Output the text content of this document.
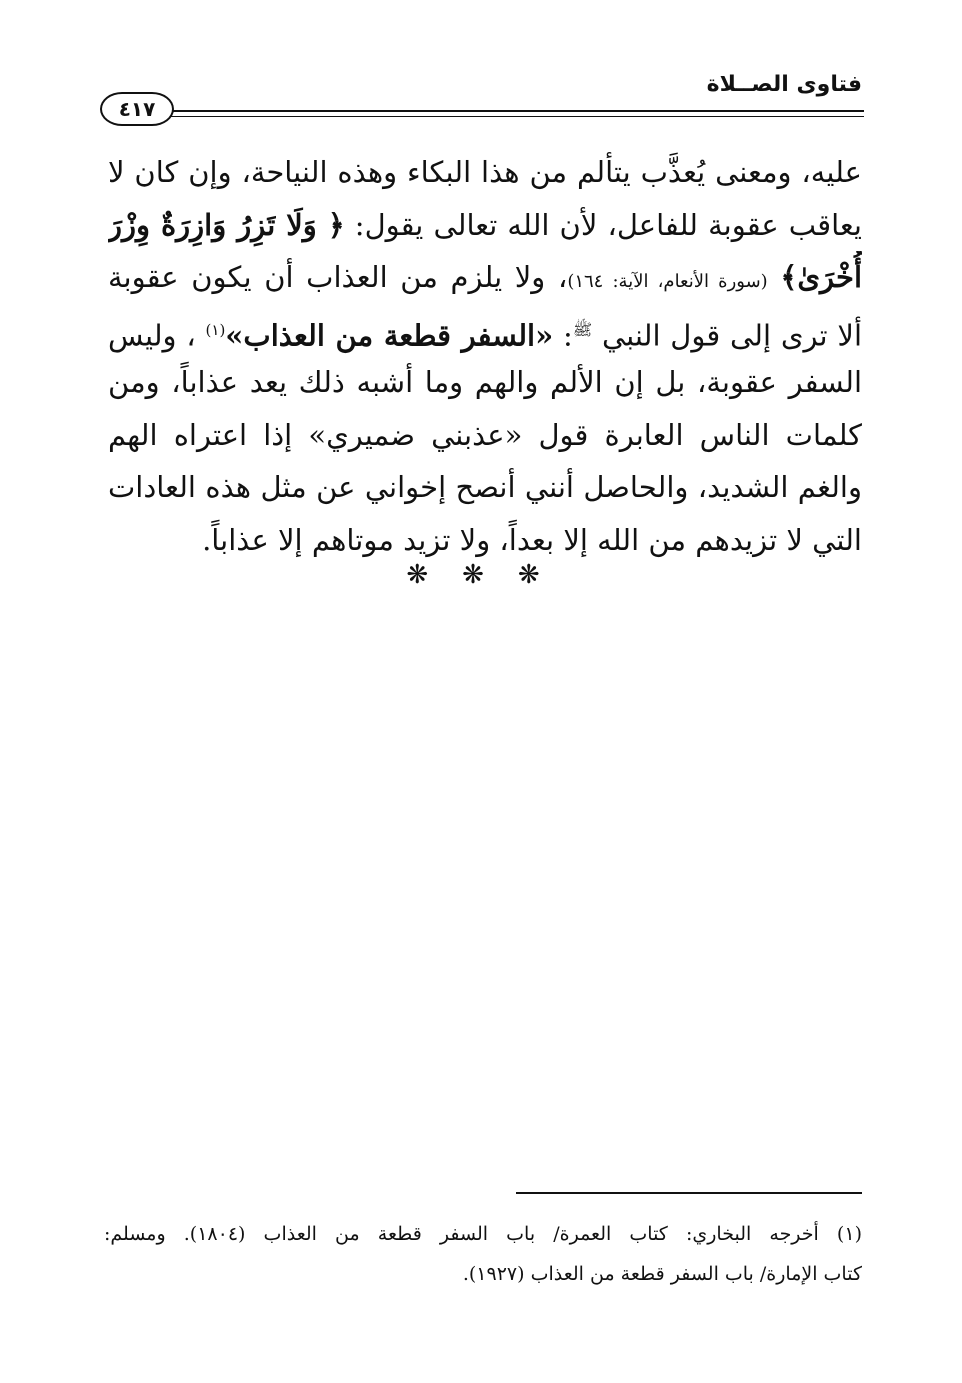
فتاوى الصــلاة
٤١٧
عليه، ومعنى يُعذَّب يتألم من هذا البكاء وهذه النياحة، وإن كان لا
يعاقب عقوبة للفاعل، لأن الله تعالى يقول: ﴿ وَلَا تَزِرُ وَازِرَةٌ وِزْرَ
أُخْرَىٰ﴾ (سورة الأنعام، الآية: ١٦٤)، ولا يلزم من العذاب أن يكون عقوبة
ألا ترى إلى قول النبي $^ﷺ$: «السفر قطعة من العذاب»$^{(١)}$ ، وليس
السفر عقوبة، بل إن الألم والهم وما أشبه ذلك يعد عذاباً، ومن
كلمات الناس العابرة قول «عذبني ضميري» إذا اعتراه الهم
والغم الشديد، والحاصل أنني أنصح إخواني عن مثل هذه العادات
التي لا تزيدهم من الله إلا بعداً، ولا تزيد موتاهم إلا عذاباً.
❋❋❋
(١) أخرجه البخاري: كتاب العمرة/ باب السفر قطعة من العذاب (١٨٠٤). ومسلم:
كتاب الإمارة/ باب السفر قطعة من العذاب (١٩٢٧).
